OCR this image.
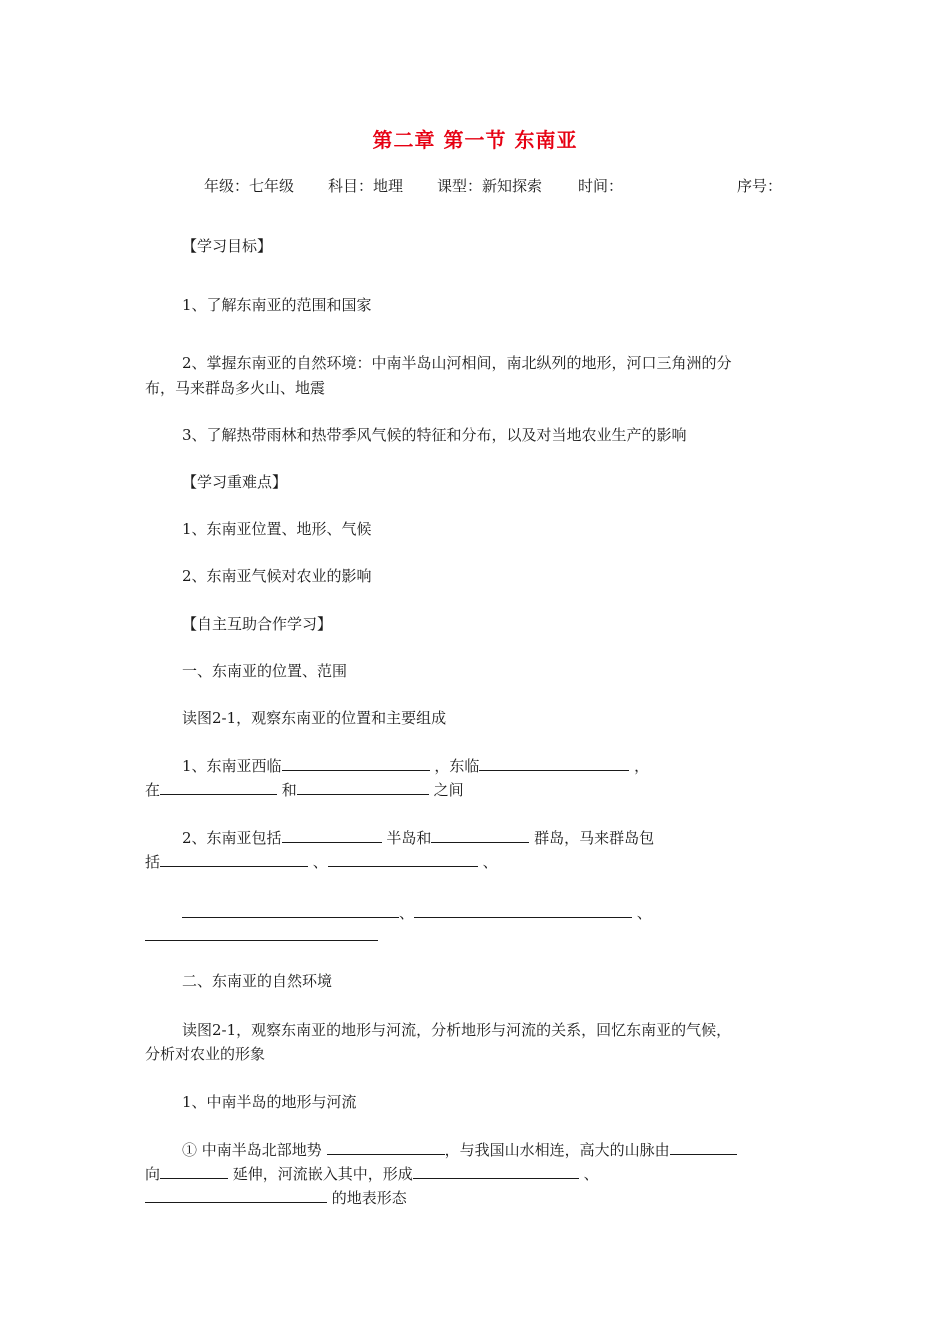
第二章 第一节 东南亚
年级：七年级 科目：地理 课型：新知探索 时间：	序号：
【学习目标】
1、了解东南亚的范围和国家
2、掌握东南亚的自然环境：中南半岛山河相间，南北纵列的地形，河口三角洲的分
布，马来群岛多火山、地震
3、了解热带雨林和热带季风气候的特征和分布，以及对当地农业生产的影响
【学习重难点】
1、东南亚位置、地形、气候
2、东南亚气候对农业的影响
【自主互助合作学习】
一、东南亚的位置、范围
读图2-1，观察东南亚的位置和主要组成
1、东南亚西临	，东临	，
在	和	之间
2、东南亚包括	半岛和	群岛，马来群岛包
括	、	、
、	、
二、东南亚的自然环境
读图2-1，观察东南亚的地形与河流，分析地形与河流的关系，回忆东南亚的气候，
分析对农业的形象
1、中南半岛的地形与河流
① 中南半岛北部地势	，与我国山水相连，高大的山脉由
向	延伸，河流嵌入其中，形成	、
的地表形态
